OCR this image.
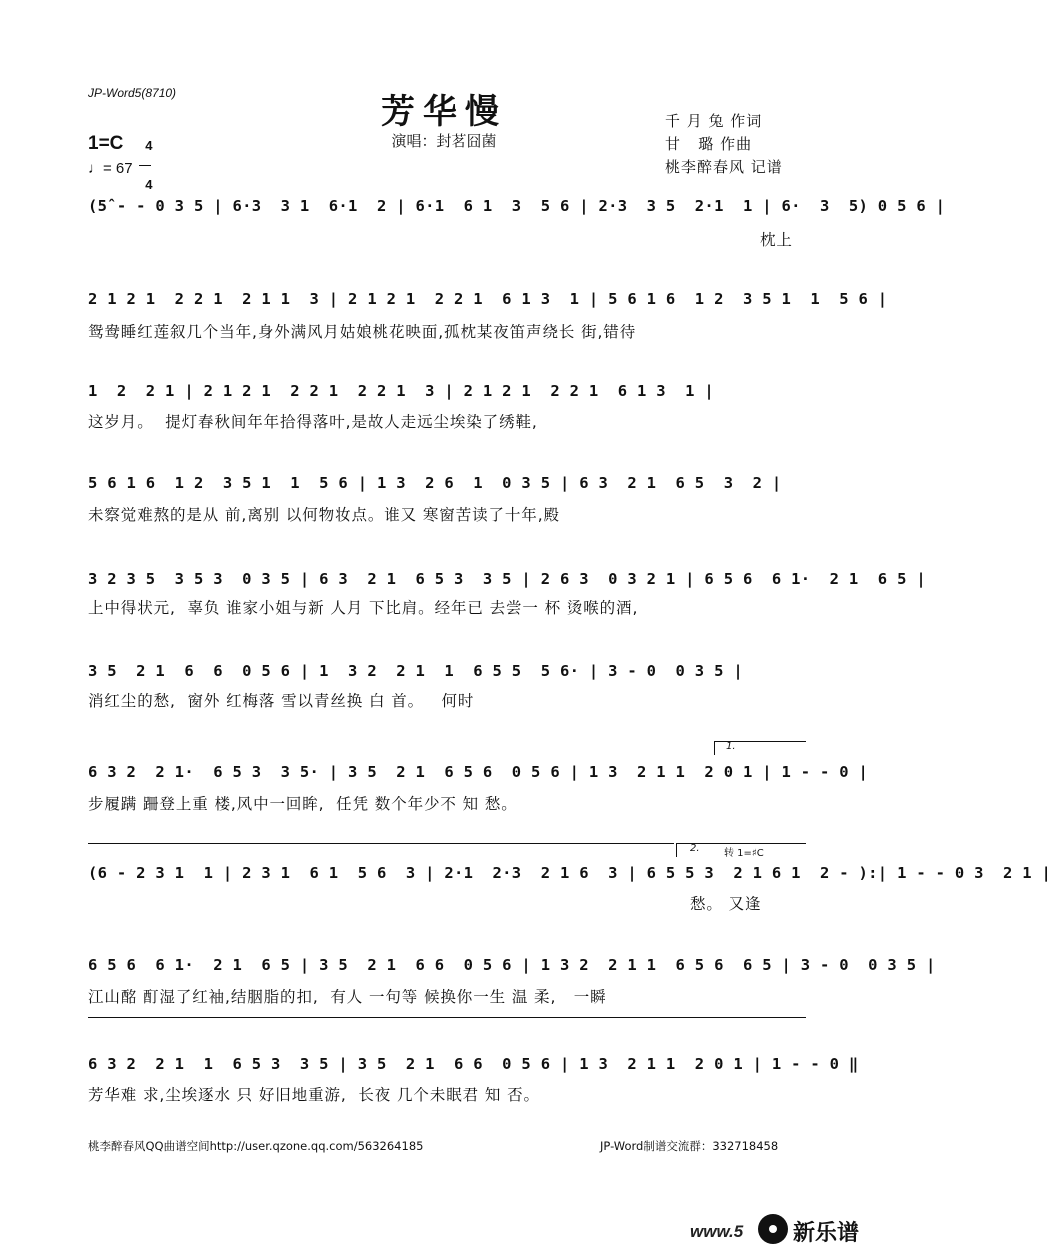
JP-Word5(8710)	芳华慢
演唱：封茗囧菌
千 月 兔 作词
甘   璐 作曲
桃李醉春风 记谱
1=C	4

4

♩= 67
(5̂ - - 0 3 5 | 6·3  3 1  6·1  2 | 6·1  6 1  3  5 6 | 2·3  3 5  2·1  1 | 6·  3  5) 0 5 6 |
枕上
2 1 2 1  2 2 1  2 1 1  3 | 2 1 2 1  2 2 1  6 1 3  1 | 5 6 1 6  1 2  3 5 1  1  5 6 |
鸳鸯睡红莲叙几个当年,身外满风月姑娘桃花映面,孤枕某夜笛声绕长 街,错待
1  2  2 1 | 2 1 2 1  2 2 1  2 2 1  3 | 2 1 2 1  2 2 1  6 1 3  1 |
这岁月。  提灯春秋间年年拾得落叶,是故人走远尘埃染了绣鞋,
5 6 1 6  1 2  3 5 1  1  5 6 | 1 3  2 6  1  0 3 5 | 6 3  2 1  6 5  3  2 |
未察觉难熬的是从 前,离别 以何物妆点。谁又 寒窗苦读了十年,殿
3 2 3 5  3 5 3  0 3 5 | 6 3  2 1  6 5 3  3 5 | 2 6 3  0 3 2 1 | 6 5 6  6 1·  2 1  6 5 |
上中得状元,  辜负 谁家小姐与新 人月 下比肩。经年已 去尝一 杯 烫喉的酒,
3 5  2 1  6  6  0 5 6 | 1  3 2  2 1  1  6 5 5  5 6· | 3 - 0  0 3 5 |
消红尘的愁,  窗外 红梅落 雪以青丝换 白 首。   何时
1.
6 3 2  2 1·  6 5 3  3 5· | 3 5  2 1  6 5 6  0 5 6 | 1 3  2 1 1  2 0 1 | 1 - - 0 |
步履蹒 跚登上重 楼,风中一回眸,  任凭 数个年少不 知 愁。
2. 转 1=♯C
(6 - 2 3 1  1 | 2 3 1  6 1  5 6  3 | 2·1  2·3  2 1 6  3 | 6 5 5 3  2 1 6 1  2 - ):| 1 - - 0 3  2 1 |
愁。 又逢
6 5 6  6 1·  2 1  6 5 | 3 5  2 1  6 6  0 5 6 | 1 3 2  2 1 1  6 5 6  6 5 | 3 - 0  0 3 5 |
江山酩 酊湿了红袖,结胭脂的扣,  有人 一句等 候换你一生 温 柔,   一瞬
6 3 2  2 1  1  6 5 3  3 5 | 3 5  2 1  6 6  0 5 6 | 1 3  2 1 1  2 0 1 | 1 - - 0 ‖
芳华难 求,尘埃逐水 只 好旧地重游,  长夜 几个未眠君 知 否。
桃李醉春风QQ曲谱空间http://user.qzone.qq.com/563264185	JP-Word制谱交流群：332718458
www.5 新乐谱
